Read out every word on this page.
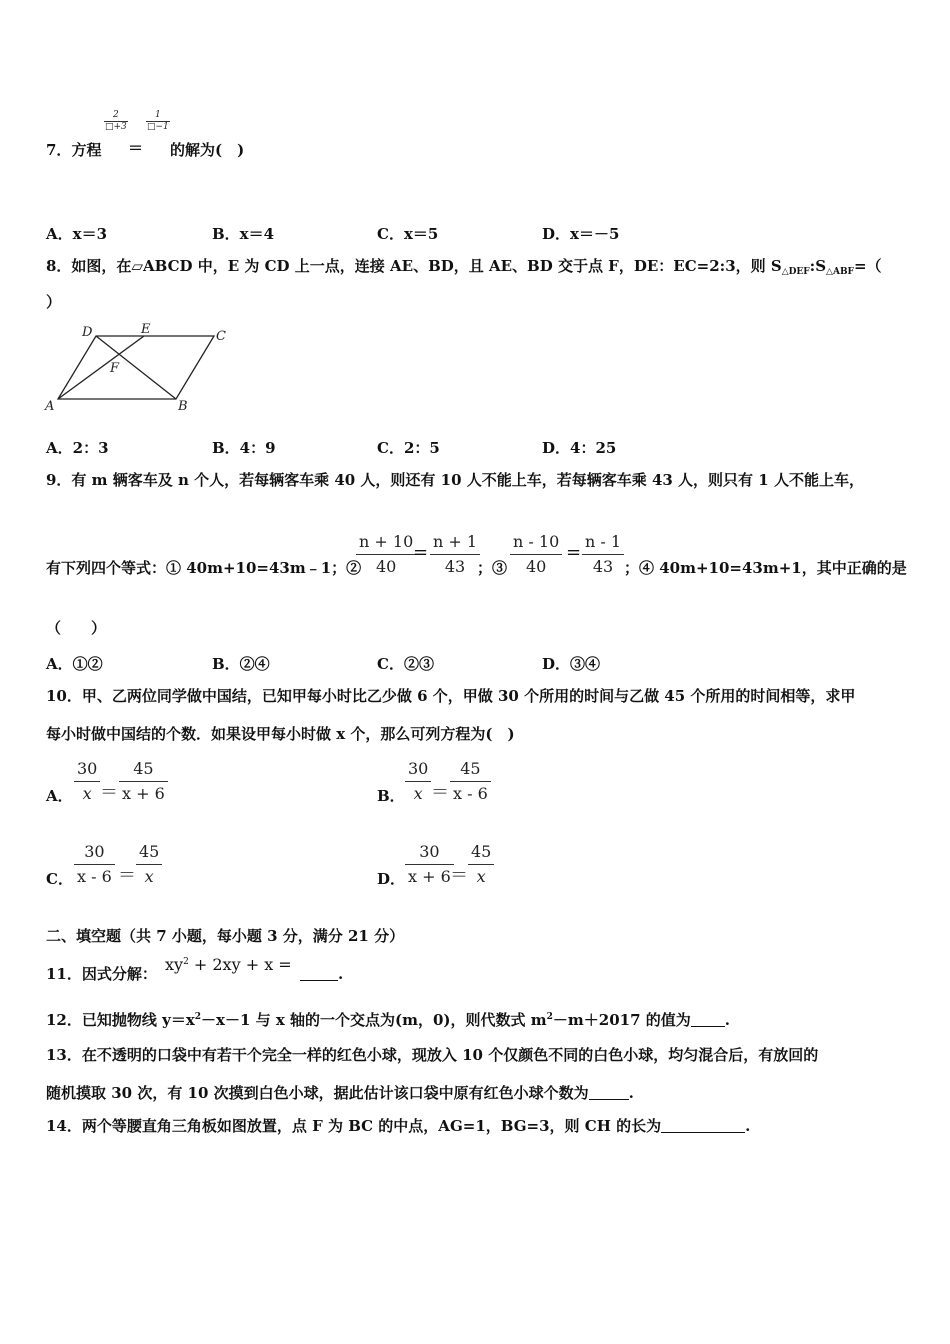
7．方程
$\frac{2}{□+3}$
＝
$\frac{1}{□-1}$
的解为(　)
A．x＝3	B．x＝4	C．x＝5	D．x＝－5
8．如图，在▱ABCD 中，E 为 CD 上一点，连接 AE、BD，且 AE、BD 交于点 F，DE：EC=2:3，则 $S_{\triangle DEF}:S_{\triangle ABF}=$（
）
D	E	C
F
A	B
A．2：3	B．4：9	C．2：5	D．4：25
9．有 m 辆客车及 n 个人，若每辆客车乘 40 人，则还有 10 人不能上车，若每辆客车乘 43 人，则只有 1 人不能上车，
有下列四个等式：① 40m+10=43m﹣1；②
$\frac{n + 10}{40}$
= $\frac{n + 1}{43}$
；③ $\frac{n - 10}{40} = \frac{n - 1}{43}$ ；④ 40m+10=43m+1，其中正确的是
（　　）
A．①②	B．②④	C．②③	D．③④
10．甲、乙两位同学做中国结，已知甲每小时比乙少做 6 个，甲做 30 个所用的时间与乙做 45 个所用的时间相等，求甲
每小时做中国结的个数．如果设甲每小时做 x 个，那么可列方程为(　)
A． $\frac{30}{x} = \frac{45}{x + 6}$	B． $\frac{30}{x} = \frac{45}{x - 6}$
C． $\frac{30}{x - 6} = \frac{45}{x}$	D． $\frac{30}{x + 6}$
＝ $\frac{45}{x}$
二、填空题（共 7 小题，每小题 3 分，满分 21 分）
11．因式分解： $xy^2 + 2xy + x$ =	.
12．已知抛物线 $y=x^2-x-1$ 与 x 轴的一个交点为(m，0)，则代数式 $m^2-m+2017$ 的值为 .
13．在不透明的口袋中有若干个完全一样的红色小球，现放入 10 个仅颜色不同的白色小球，均匀混合后，有放回的
随机摸取 30 次，有 10 次摸到白色小球，据此估计该口袋中原有红色小球个数为	.
14．两个等腰直角三角板如图放置，点 F 为 BC 的中点，AG=1，BG=3，则 CH 的长为	.
